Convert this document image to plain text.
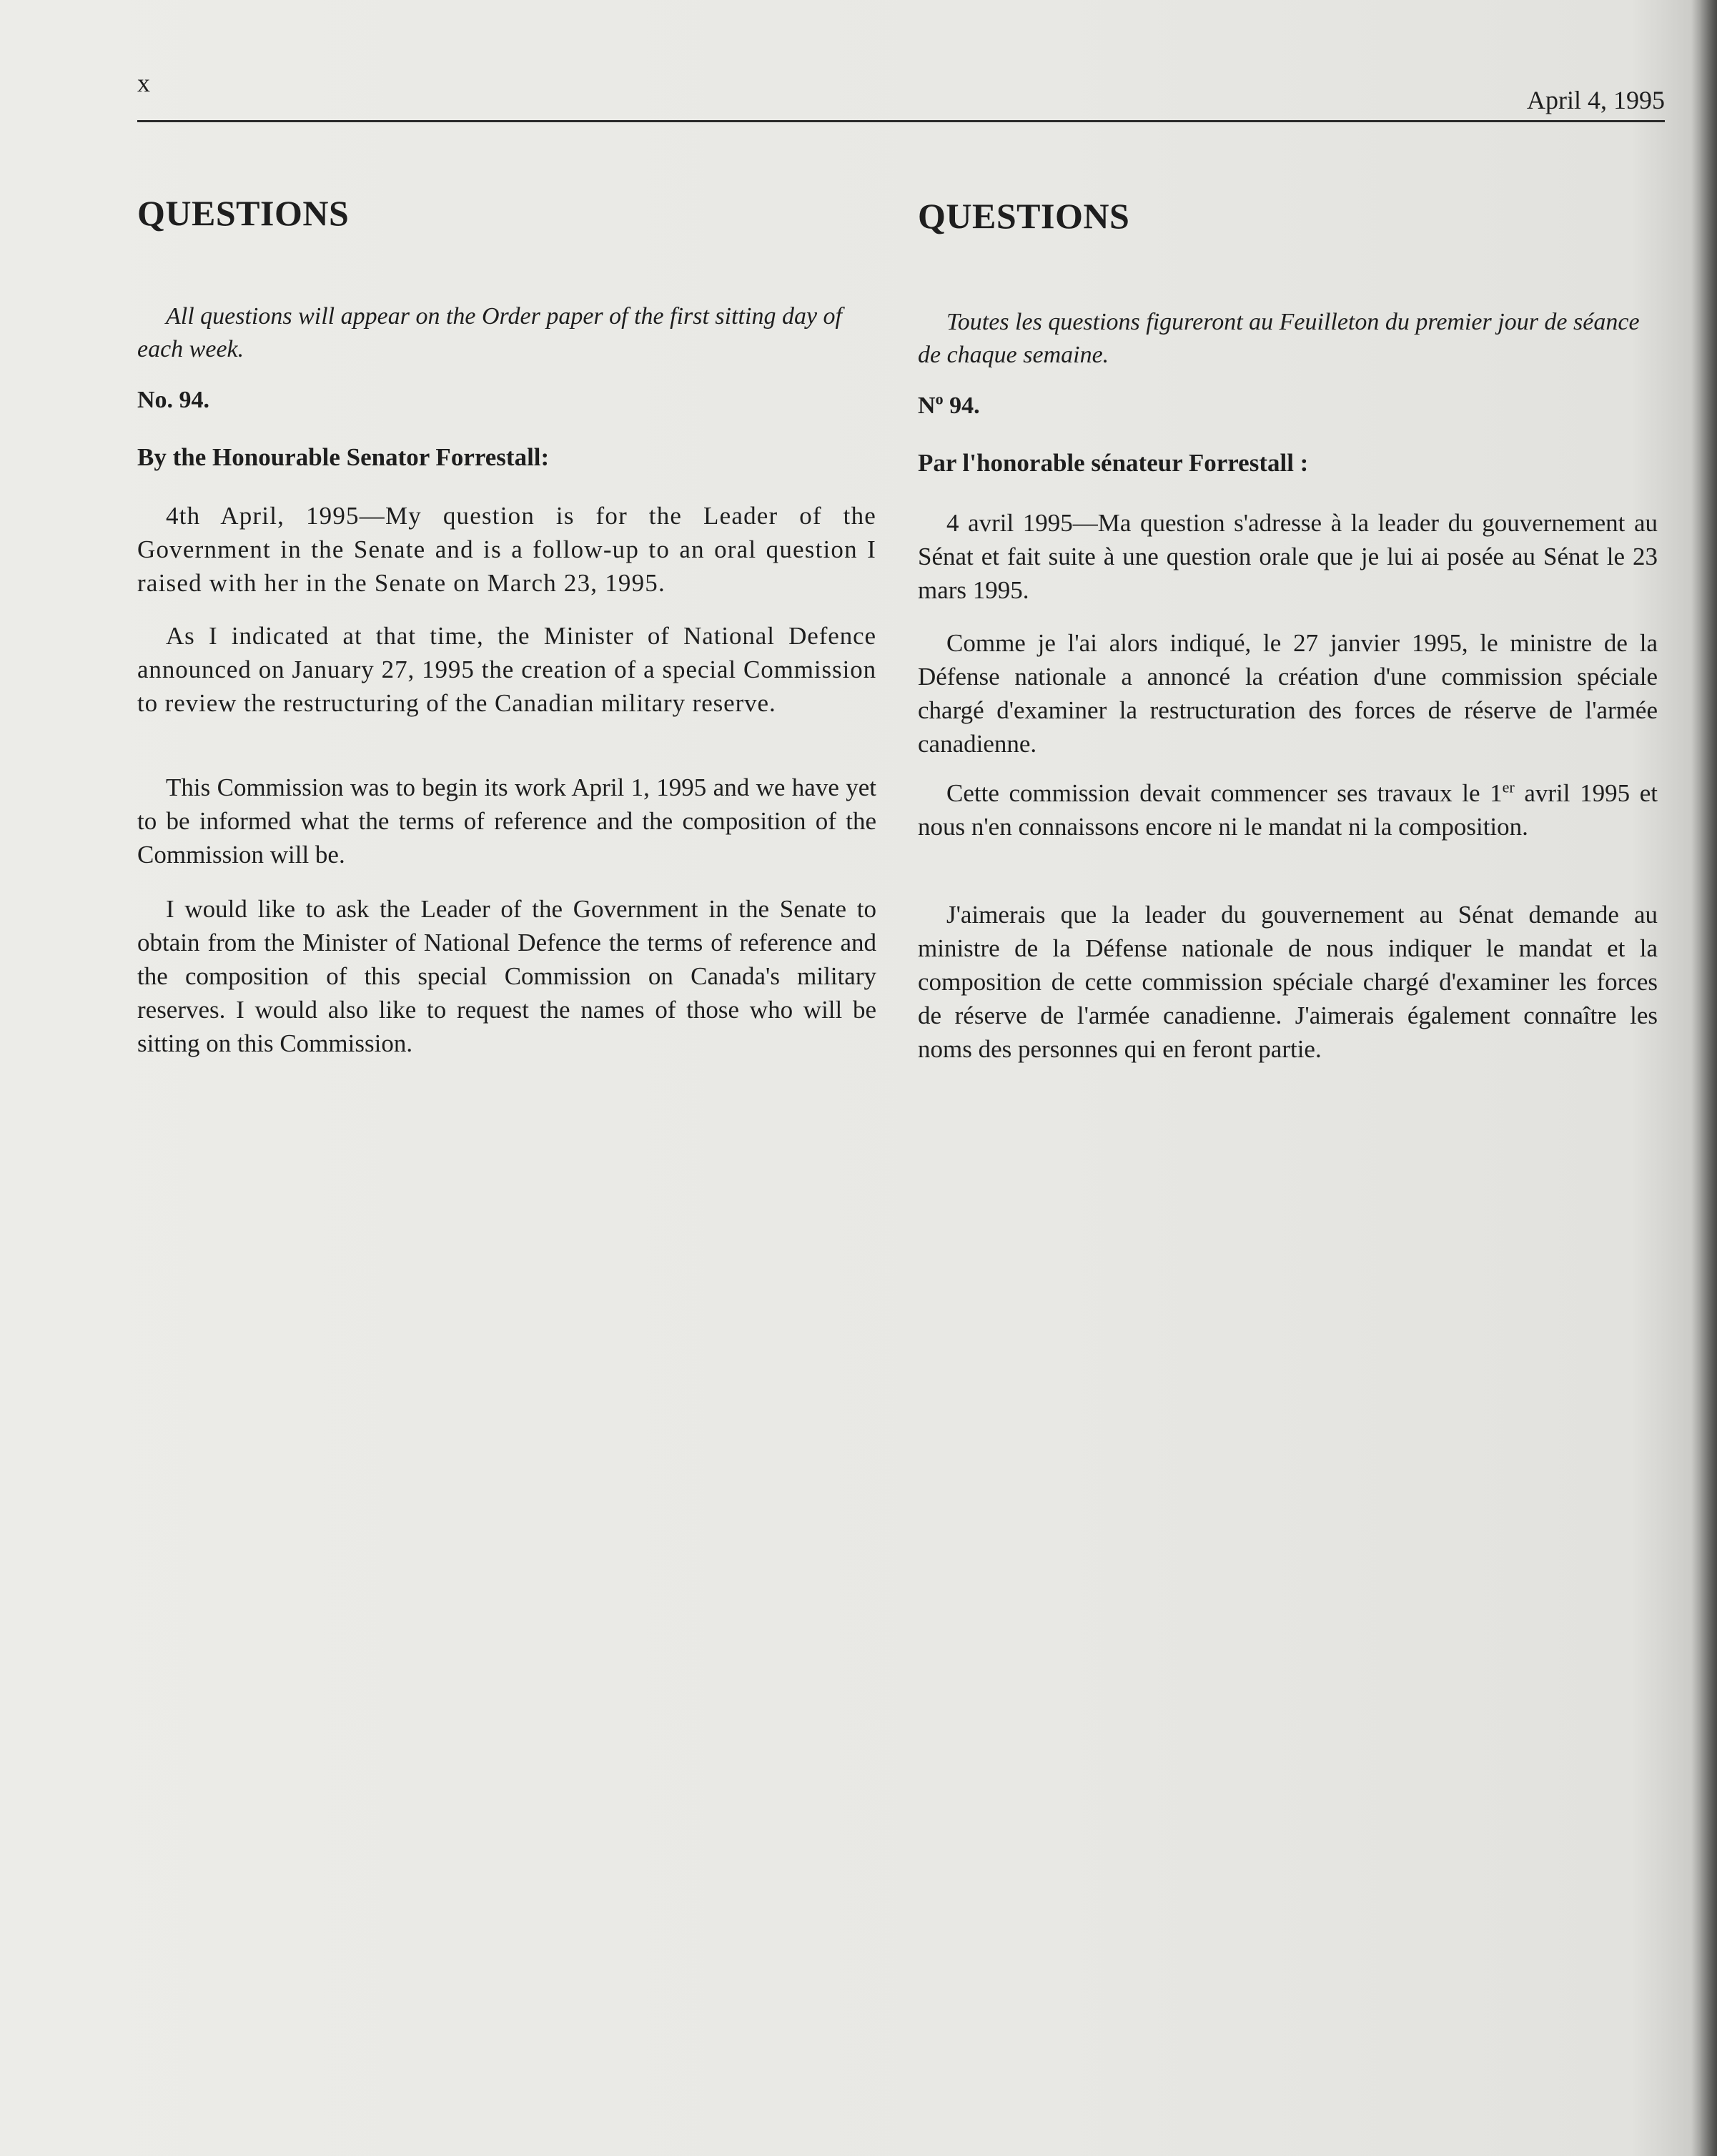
x
April 4, 1995
QUESTIONS

All questions will appear on the Order paper of the first sitting day of each week.

No. 94.
By the Honourable Senator Forrestall:

4th April, 1995—My question is for the Leader of the Government in the Senate and is a follow-up to an oral question I raised with her in the Senate on March 23, 1995.

As I indicated at that time, the Minister of National Defence announced on January 27, 1995 the creation of a special Commission to review the restructuring of the Canadian military reserve.

This Commission was to begin its work April 1, 1995 and we have yet to be informed what the terms of reference and the composition of the Commission will be.

I would like to ask the Leader of the Government in the Senate to obtain from the Minister of National Defence the terms of reference and the composition of this special Commission on Canada's military reserves. I would also like to request the names of those who will be sitting on this Commission.

QUESTIONS

Toutes les questions figureront au Feuilleton du premier jour de séance de chaque semaine.

$N^o$ 94.
Par l'honorable sénateur Forrestall :

4 avril 1995—Ma question s'adresse à la leader du gouvernement au Sénat et fait suite à une question orale que je lui ai posée au Sénat le 23 mars 1995.

Comme je l'ai alors indiqué, le 27 janvier 1995, le ministre de la Défense nationale a annoncé la création d'une commission spéciale chargé d'examiner la restructuration des forces de réserve de l'armée canadienne.

Cette commission devait commencer ses travaux le 1er avril 1995 et nous n'en connaissons encore ni le mandat ni la composition.

J'aimerais que la leader du gouvernement au Sénat demande au ministre de la Défense nationale de nous indiquer le mandat et la composition de cette commission spéciale chargé d'examiner les forces de réserve de l'armée canadienne. J'aimerais également connaître les noms des personnes qui en feront partie.
